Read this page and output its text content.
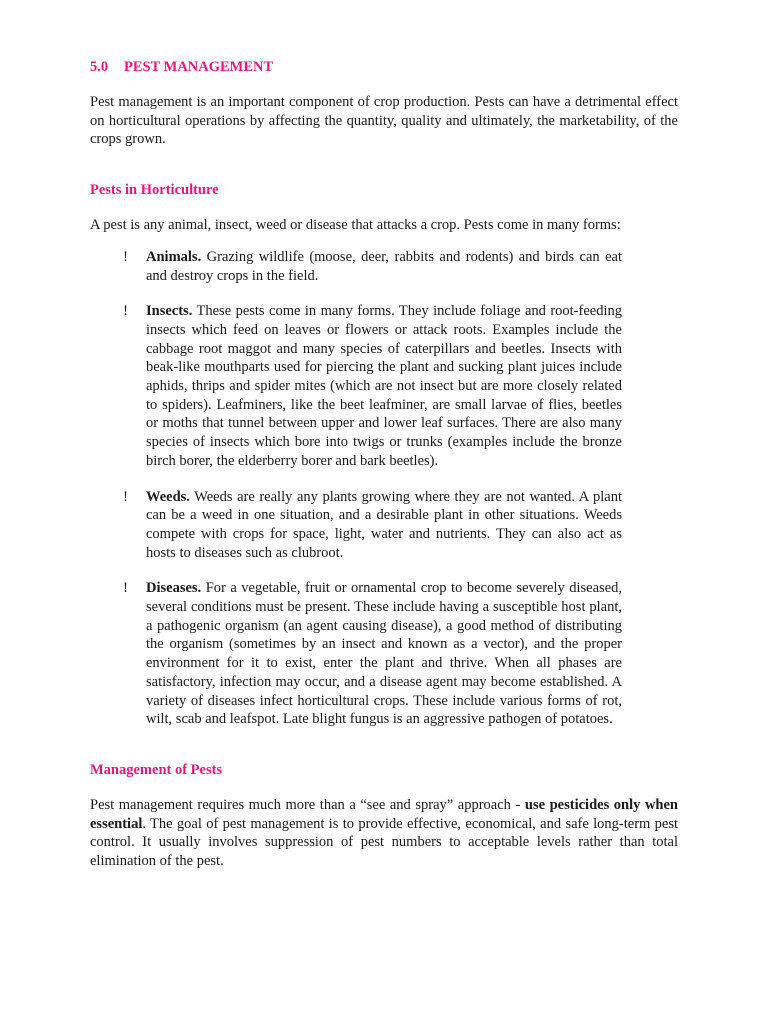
5.0 PEST MANAGEMENT

Pest management is an important component of crop production. Pests can have a detrimental effect on horticultural operations by affecting the quantity, quality and ultimately, the marketability, of the crops grown.

Pests in Horticulture

A pest is any animal, insect, weed or disease that attacks a crop. Pests come in many forms:

! Animals. Grazing wildlife (moose, deer, rabbits and rodents) and birds can eat and destroy crops in the field.
! Insects. These pests come in many forms. They include foliage and root-feeding insects which feed on leaves or flowers or attack roots. Examples include the cabbage root maggot and many species of caterpillars and beetles. Insects with beak-like mouthparts used for piercing the plant and sucking plant juices include aphids, thrips and spider mites (which are not insect but are more closely related to spiders). Leafminers, like the beet leafminer, are small larvae of flies, beetles or moths that tunnel between upper and lower leaf surfaces. There are also many species of insects which bore into twigs or trunks (examples include the bronze birch borer, the elderberry borer and bark beetles).
! Weeds. Weeds are really any plants growing where they are not wanted. A plant can be a weed in one situation, and a desirable plant in other situations. Weeds compete with crops for space, light, water and nutrients. They can also act as hosts to diseases such as clubroot.
! Diseases. For a vegetable, fruit or ornamental crop to become severely diseased, several conditions must be present. These include having a susceptible host plant, a pathogenic organism (an agent causing disease), a good method of distributing the organism (sometimes by an insect and known as a vector), and the proper environment for it to exist, enter the plant and thrive. When all phases are satisfactory, infection may occur, and a disease agent may become established. A variety of diseases infect horticultural crops. These include various forms of rot, wilt, scab and leafspot. Late blight fungus is an aggressive pathogen of potatoes.
Management of Pests

Pest management requires much more than a “see and spray” approach - use pesticides only when essential. The goal of pest management is to provide effective, economical, and safe long-term pest control. It usually involves suppression of pest numbers to acceptable levels rather than total elimination of the pest.
